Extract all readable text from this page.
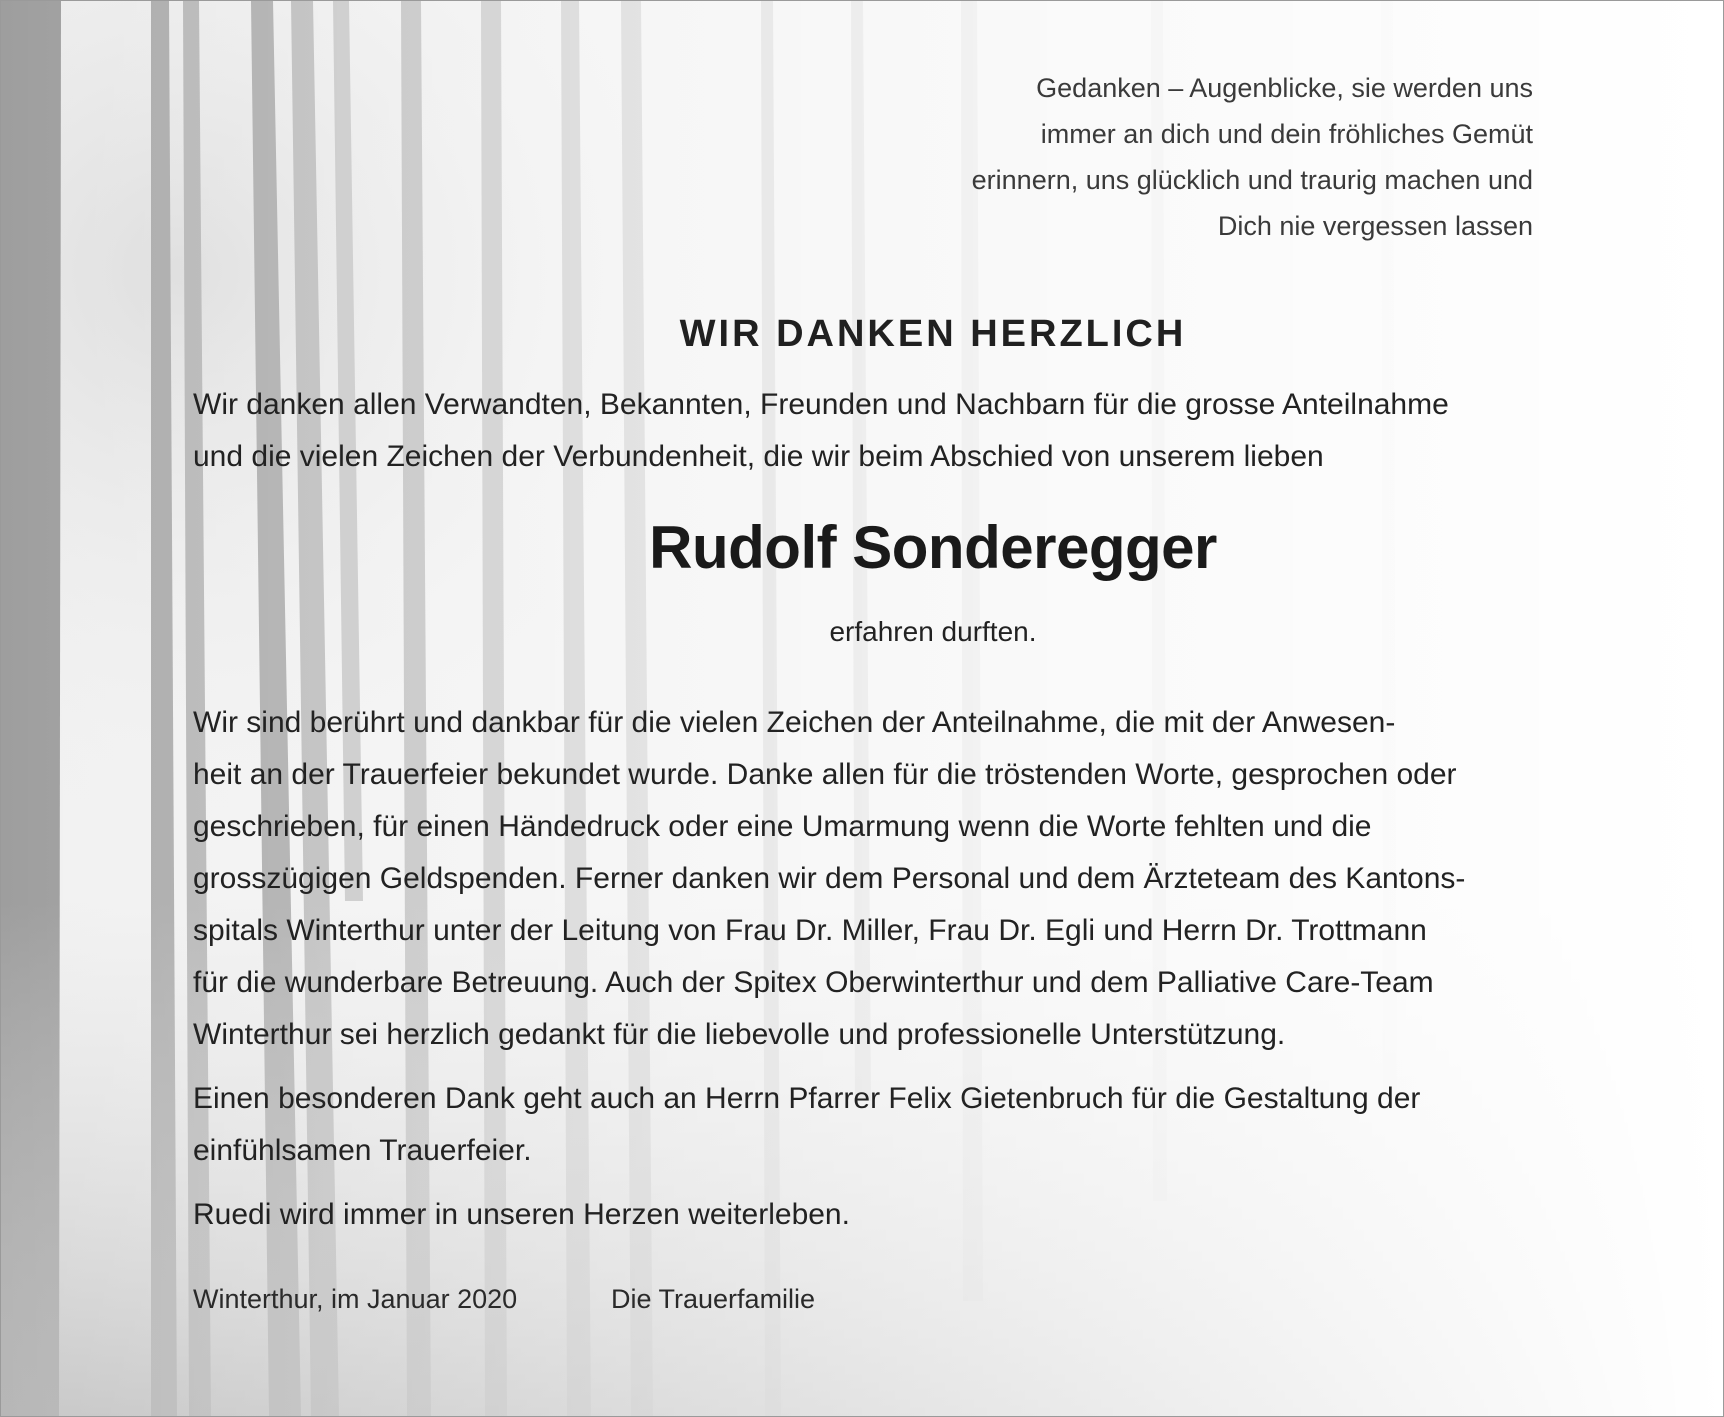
Gedanken – Augenblicke, sie werden uns
immer an dich und dein fröhliches Gemüt
erinnern, uns glücklich und traurig machen und
Dich nie vergessen lassen

WIR DANKEN HERZLICH

Wir danken allen Verwandten, Bekannten, Freunden und Nachbarn für die grosse Anteilnahme
und die vielen Zeichen der Verbundenheit, die wir beim Abschied von unserem lieben

Rudolf Sonderegger

erfahren durften.

Wir sind berührt und dankbar für die vielen Zeichen der Anteilnahme, die mit der Anwesen-
heit an der Trauerfeier bekundet wurde. Danke allen für die tröstenden Worte, gesprochen oder
geschrieben, für einen Händedruck oder eine Umarmung wenn die Worte fehlten und die
grosszügigen Geldspenden. Ferner danken wir dem Personal und dem Ärzteteam des Kantons-
spitals Winterthur unter der Leitung von Frau Dr. Miller, Frau Dr. Egli und Herrn Dr. Trottmann
für die wunderbare Betreuung. Auch der Spitex Oberwinterthur und dem Palliative Care-Team
Winterthur sei herzlich gedankt für die liebevolle und professionelle Unterstützung.

Einen besonderen Dank geht auch an Herrn Pfarrer Felix Gietenbruch für die Gestaltung der
einfühlsamen Trauerfeier.

Ruedi wird immer in unseren Herzen weiterleben.

Winterthur, im Januar 2020	Die Trauerfamilie
